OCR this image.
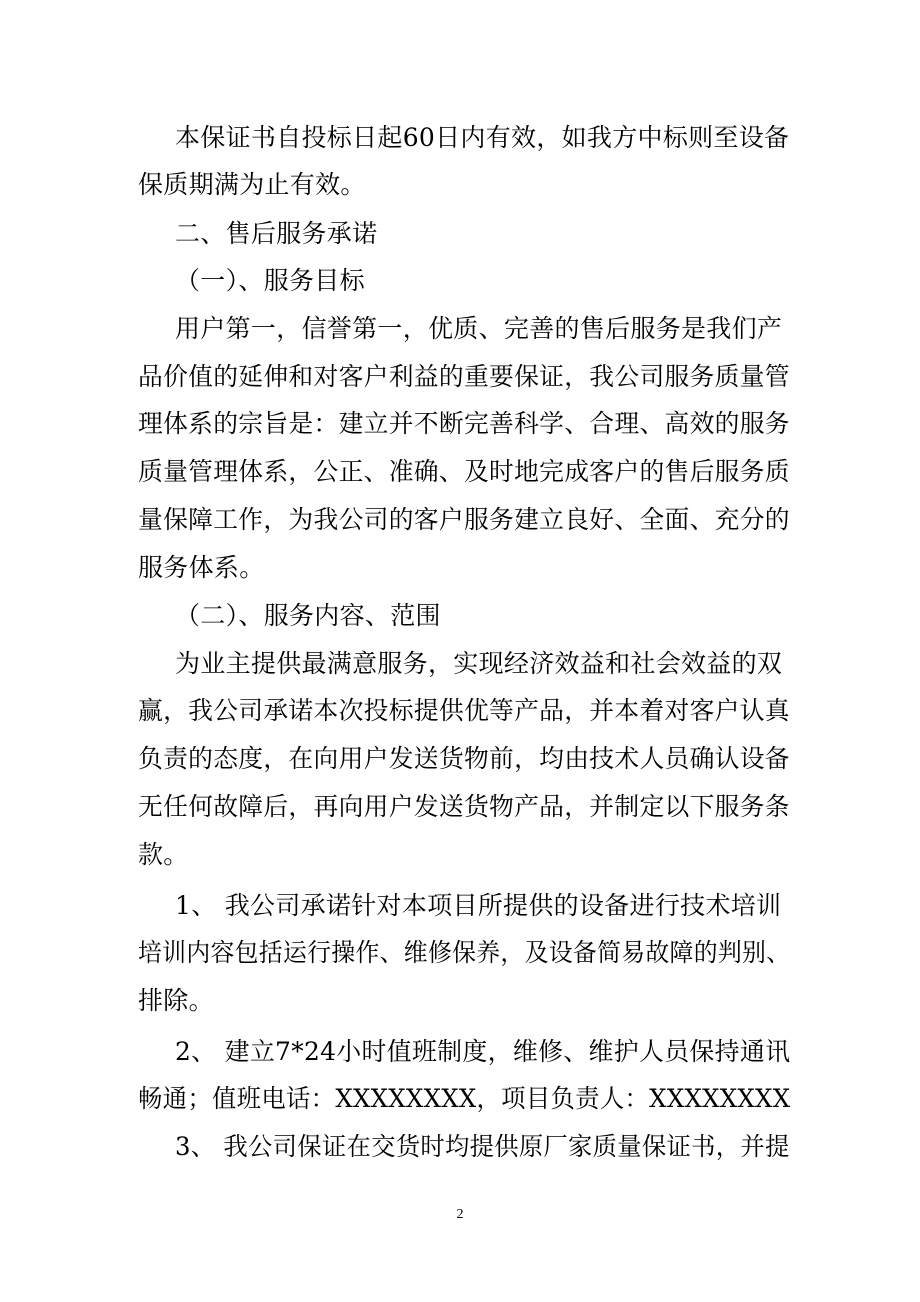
本保证书自投标日起60日内有效，如我方中标则至设备
保质期满为止有效。
二、售后服务承诺
（一）、服务目标
用户第一，信誉第一，优质、完善的售后服务是我们产
品价值的延伸和对客户利益的重要保证，我公司服务质量管
理体系的宗旨是：建立并不断完善科学、合理、高效的服务
质量管理体系，公正、准确、及时地完成客户的售后服务质
量保障工作，为我公司的客户服务建立良好、全面、充分的
服务体系。
（二）、服务内容、范围
为业主提供最满意服务，实现经济效益和社会效益的双
赢，我公司承诺本次投标提供优等产品，并本着对客户认真
负责的态度，在向用户发送货物前，均由技术人员确认设备
无任何故障后，再向用户发送货物产品，并制定以下服务条
款。
1、 我公司承诺针对本项目所提供的设备进行技术培训
培训内容包括运行操作、维修保养，及设备简易故障的判别、
排除。
2、 建立7*24小时值班制度，维修、维护人员保持通讯
畅通；值班电话：XXXXXXXX，项目负责人：XXXXXXXX
3、 我公司保证在交货时均提供原厂家质量保证书，并提
2
